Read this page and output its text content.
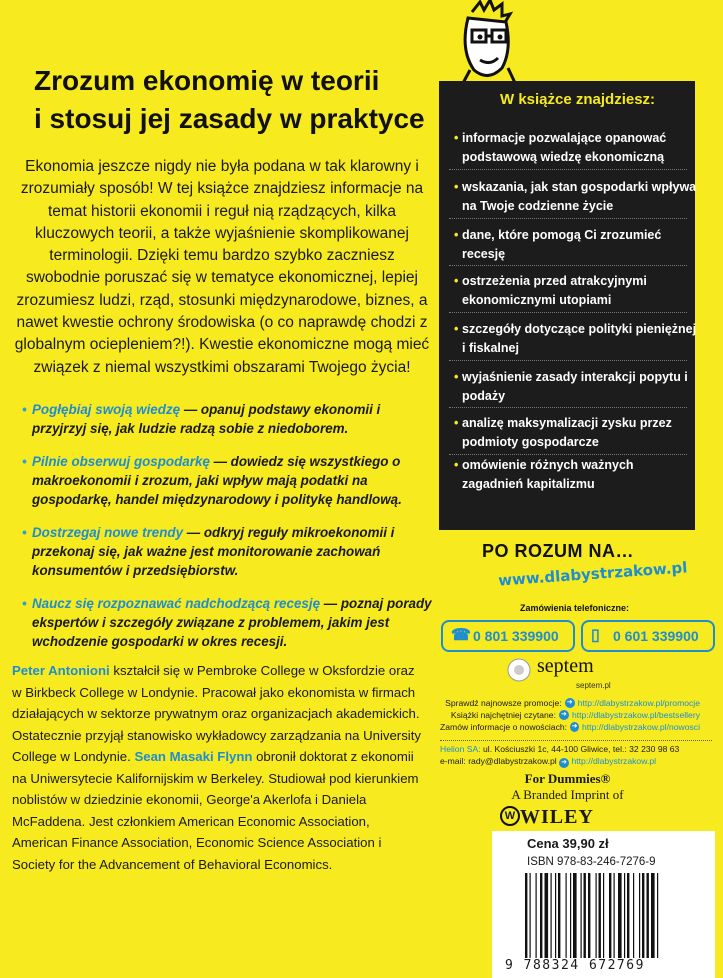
Zrozum ekonomię w teorii
i stosuj jej zasady w praktyce
Ekonomia jeszcze nigdy nie była podana w tak klarowny i zrozumiały sposób! W tej książce znajdziesz informacje na temat historii ekonomii i reguł nią rządzących, kilka kluczowych teorii, a także wyjaśnienie skomplikowanej terminologii. Dzięki temu bardzo szybko zaczniesz swobodnie poruszać się w tematyce ekonomicznej, lepiej zrozumiesz ludzi, rząd, stosunki międzynarodowe, biznes, a nawet kwestie ochrony środowiska (o co naprawdę chodzi z globalnym ociepleniem?!). Kwestie ekonomiczne mogą mieć związek z niemal wszystkimi obszarami Twojego życia!
• Pogłębiaj swoją wiedzę — opanuj podstawy ekonomii i przyjrzyj się, jak ludzie radzą sobie z niedoborem.
• Pilnie obserwuj gospodarkę — dowiedz się wszystkiego o makroekonomii i zrozum, jaki wpływ mają podatki na gospodarkę, handel międzynarodowy i politykę handlową.
• Dostrzegaj nowe trendy — odkryj reguły mikroekonomii i przekonaj się, jak ważne jest monitorowanie zachowań konsumentów i przedsiębiorstw.
• Naucz się rozpoznawać nadchodzącą recesję — poznaj porady ekspertów i szczegóły związane z problemem, jakim jest wchodzenie gospodarki w okres recesji.
Peter Antonioni kształcił się w Pembroke College w Oksfordzie oraz w Birkbeck College w Londynie. Pracował jako ekonomista w firmach działających w sektorze prywatnym oraz organizacjach akademickich. Ostatecznie przyjął stanowisko wykładowcy zarządzania na University College w Londynie. Sean Masaki Flynn obronił doktorat z ekonomii na Uniwersytecie Kalifornijskim w Berkeley. Studiował pod kierunkiem noblistów w dziedzinie ekonomii, George'a Akerlofa i Daniela McFaddena. Jest członkiem American Economic Association, American Finance Association, Economic Science Association i Society for the Advancement of Behavioral Economics.
W książce znajdziesz:
• informacje pozwalające opanować podstawową wiedzę ekonomiczną
• wskazania, jak stan gospodarki wpływa na Twoje codzienne życie
• dane, które pomogą Ci zrozumieć recesję
• ostrzeżenia przed atrakcyjnymi ekonomicznymi utopiami
• szczegóły dotyczące polityki pieniężnej i fiskalnej
• wyjaśnienie zasady interakcji popytu i podaży
• analizę maksymalizacji zysku przez podmioty gospodarcze
• omówienie różnych ważnych zagadnień kapitalizmu
PO ROZUM NA…
www.dlabystrzakow.pl
Zamówienia telefoniczne:
☎ 0 801 339900 ▯ 0 601 339900
septem
septem.pl
Sprawdź najnowsze promocje: ➜ http://dlabystrzakow.pl/promocje
Książki najchętniej czytane: ➜ http://dlabystrzakow.pl/bestsellery
Zamów informacje o nowościach: ➜ http://dlabystrzakow.pl/nowosci
Helion SA: ul. Kościuszki 1c, 44-100 Gliwice, tel.: 32 230 98 63
e-mail: rady@dlabystrzakow.pl ➜ http://dlabystrzakow.pl
For Dummies®
A Branded Imprint of
W WILEY
Cena 39,90 zł
ISBN 978-83-246-7276-9
9 788324 672769
